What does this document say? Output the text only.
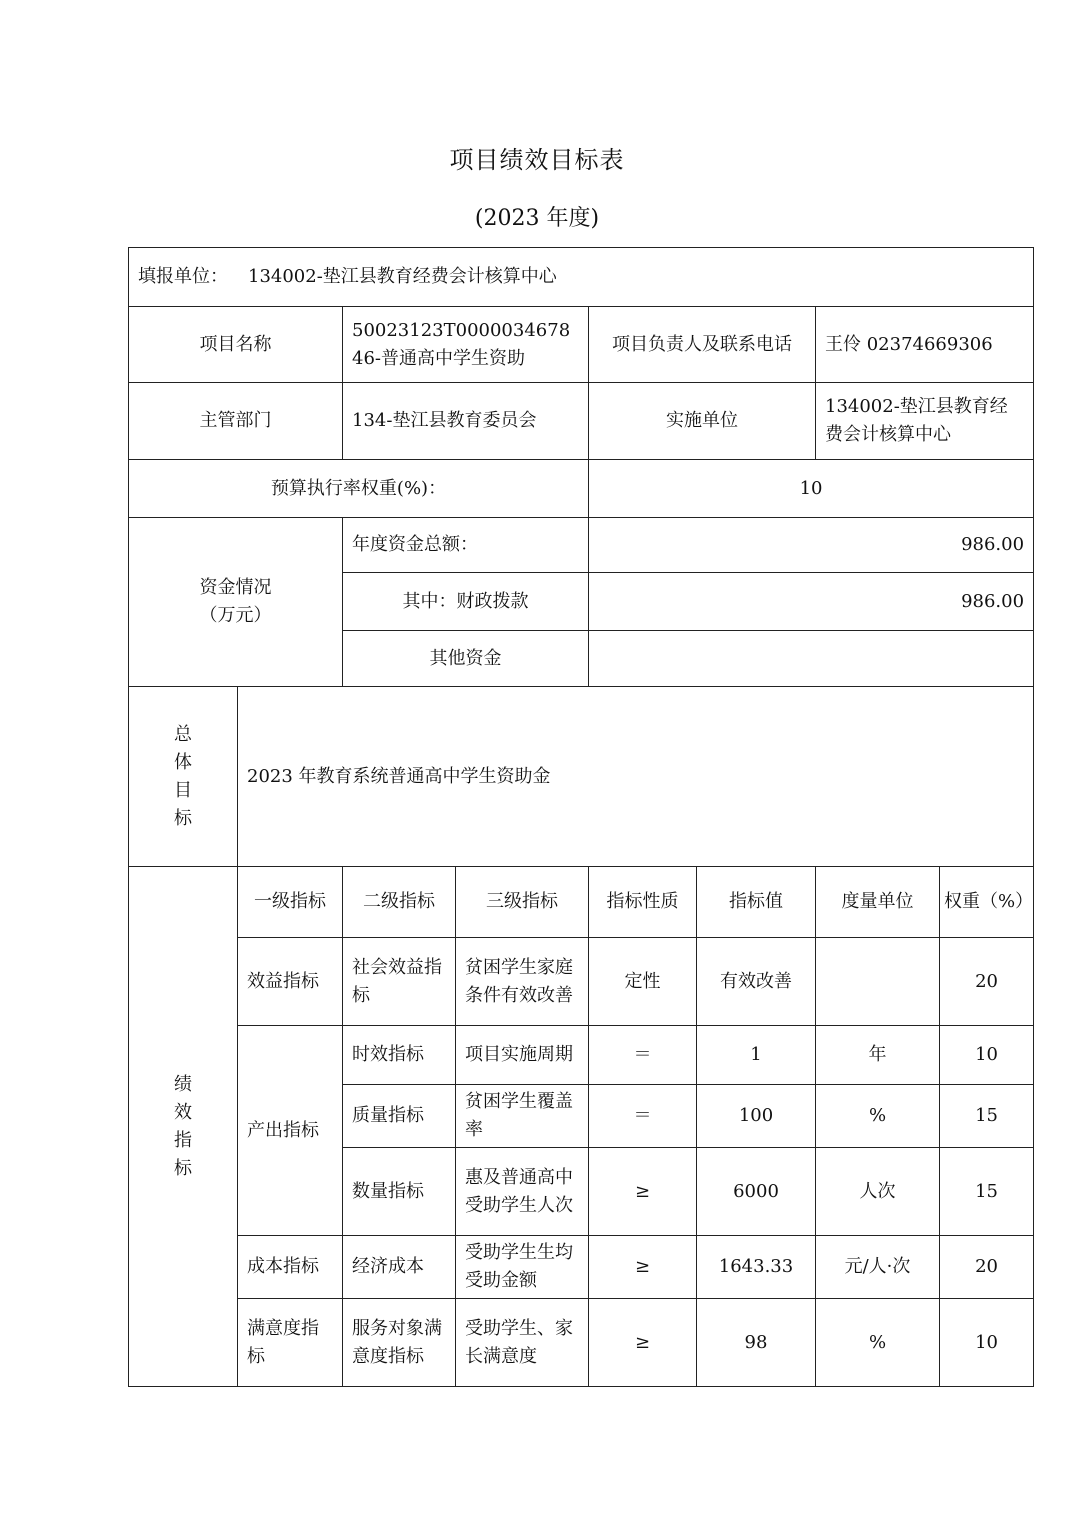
项目绩效目标表
(2023 年度)
填报单位： 134002-垫江县教育经费会计核算中心							

项目名称		50023123T000003467846-普通高中学生资助		项目负责人及联系电话		王伶 02374669306	
主管部门		134-垫江县教育委员会		实施单位		134002-垫江县教育经费会计核算中心	
预算执行率权重(%)：				10			
资金情况（万元）		年度资金总额：		986.00			
		其中：财政拨款		986.00			
		其他资金					

总
体
目
标	2023 年教育系统普通高中学生资助金						

绩
效
指
标	一级指标	二级指标	三级指标	指标性质	指标值	度量单位	权重（%）
	效益指标	社会效益指标	贫困学生家庭条件有效改善	定性	有效改善		20
	产出指标	时效指标	项目实施周期	＝	1	年	10
		质量指标	贫困学生覆盖率	＝	100	%	15
		数量指标	惠及普通高中受助学生人次	≥	6000	人次	15
	成本指标	经济成本	受助学生生均受助金额	≥	1643.33	元/人·次	20
	满意度指标	服务对象满意度指标	受助学生、家长满意度	≥	98	%	10
